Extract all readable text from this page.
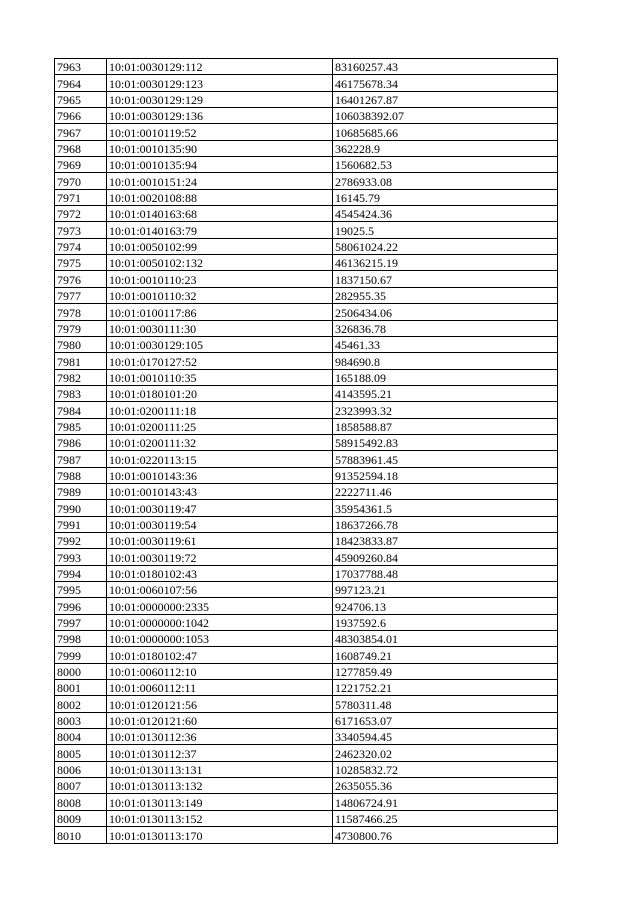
7963	10:01:0030129:112	83160257.43
7964	10:01:0030129:123	46175678.34
7965	10:01:0030129:129	16401267.87
7966	10:01:0030129:136	106038392.07
7967	10:01:0010119:52	10685685.66
7968	10:01:0010135:90	362228.9
7969	10:01:0010135:94	1560682.53
7970	10:01:0010151:24	2786933.08
7971	10:01:0020108:88	16145.79
7972	10:01:0140163:68	4545424.36
7973	10:01:0140163:79	19025.5
7974	10:01:0050102:99	58061024.22
7975	10:01:0050102:132	46136215.19
7976	10:01:0010110:23	1837150.67
7977	10:01:0010110:32	282955.35
7978	10:01:0100117:86	2506434.06
7979	10:01:0030111:30	326836.78
7980	10:01:0030129:105	45461.33
7981	10:01:0170127:52	984690.8
7982	10:01:0010110:35	165188.09
7983	10:01:0180101:20	4143595.21
7984	10:01:0200111:18	2323993.32
7985	10:01:0200111:25	1858588.87
7986	10:01:0200111:32	58915492.83
7987	10:01:0220113:15	57883961.45
7988	10:01:0010143:36	91352594.18
7989	10:01:0010143:43	2222711.46
7990	10:01:0030119:47	35954361.5
7991	10:01:0030119:54	18637266.78
7992	10:01:0030119:61	18423833.87
7993	10:01:0030119:72	45909260.84
7994	10:01:0180102:43	17037788.48
7995	10:01:0060107:56	997123.21
7996	10:01:0000000:2335	924706.13
7997	10:01:0000000:1042	1937592.6
7998	10:01:0000000:1053	48303854.01
7999	10:01:0180102:47	1608749.21
8000	10:01:0060112:10	1277859.49
8001	10:01:0060112:11	1221752.21
8002	10:01:0120121:56	5780311.48
8003	10:01:0120121:60	6171653.07
8004	10:01:0130112:36	3340594.45
8005	10:01:0130112:37	2462320.02
8006	10:01:0130113:131	10285832.72
8007	10:01:0130113:132	2635055.36
8008	10:01:0130113:149	14806724.91
8009	10:01:0130113:152	11587466.25
8010	10:01:0130113:170	4730800.76
